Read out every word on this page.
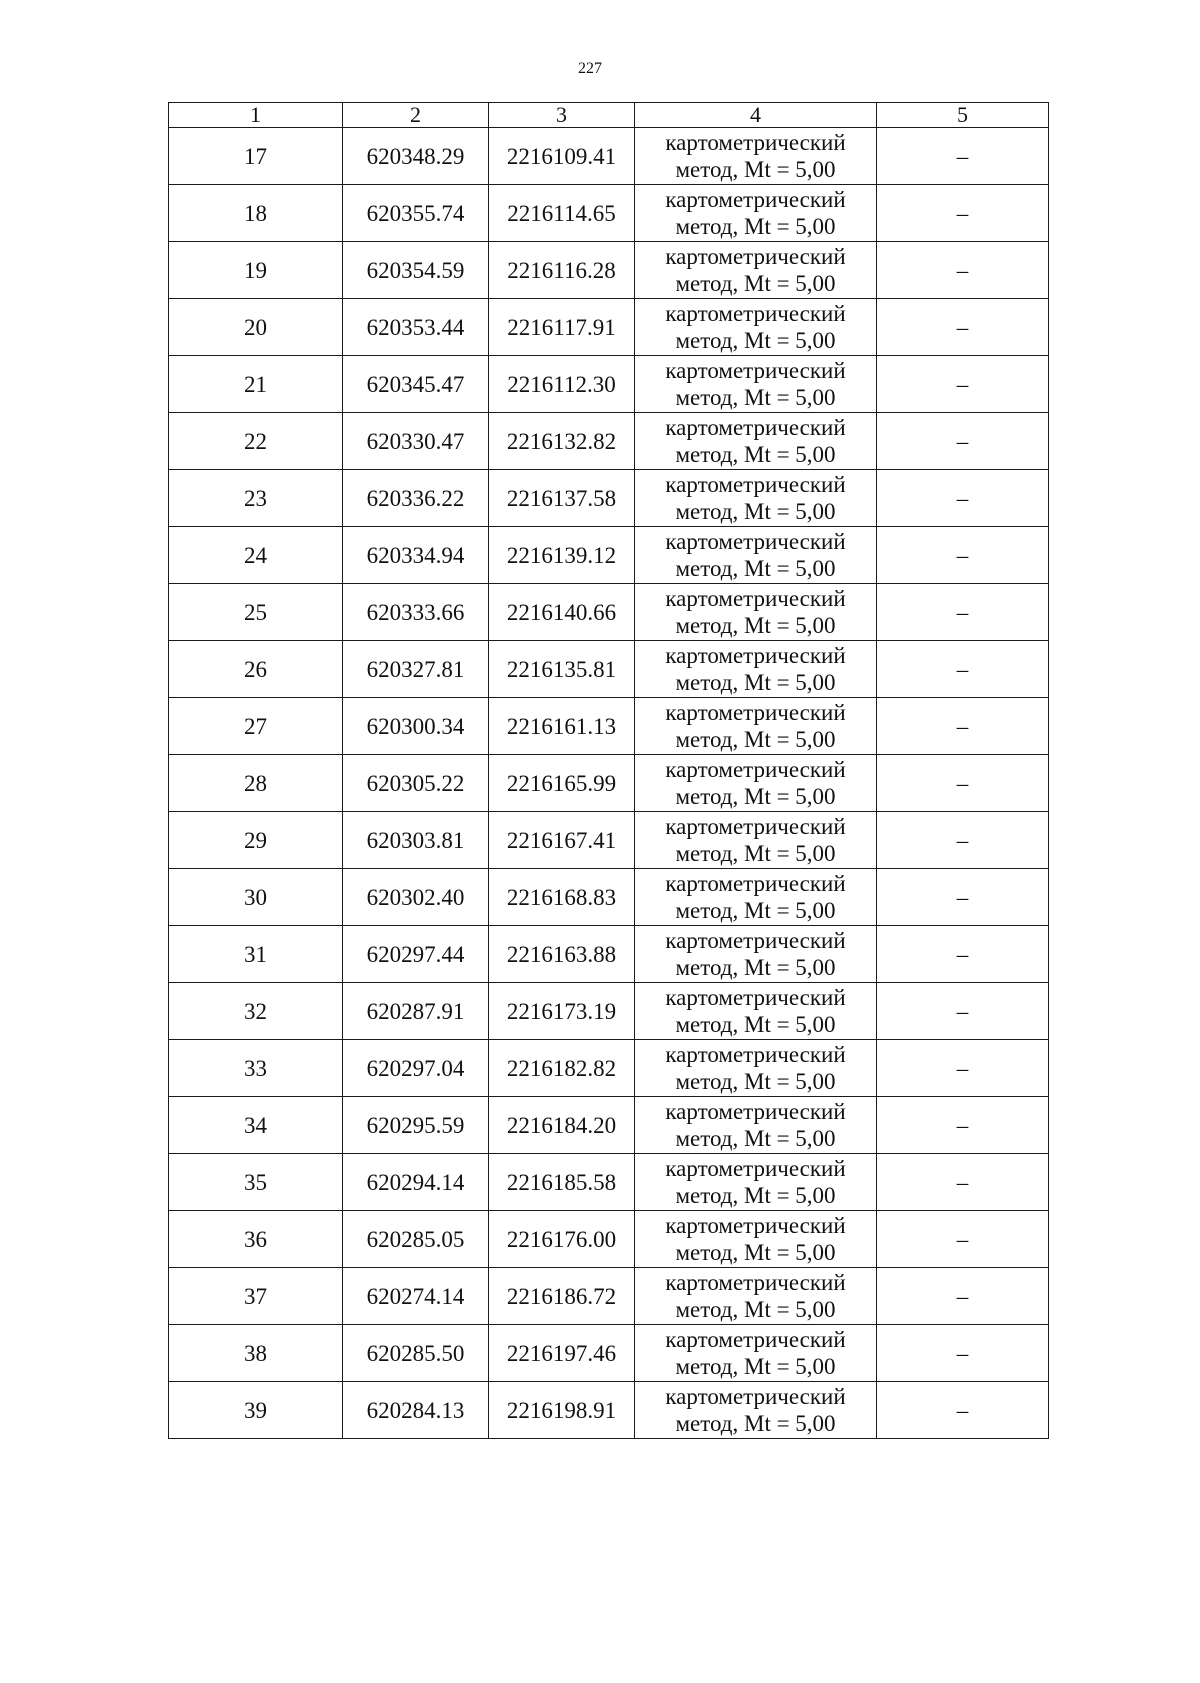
227
1	2	3	4	5
17	620348.29	2216109.41	картометрический
метод, Mt = 5,00	–
18	620355.74	2216114.65	картометрический
метод, Mt = 5,00	–
19	620354.59	2216116.28	картометрический
метод, Mt = 5,00	–
20	620353.44	2216117.91	картометрический
метод, Mt = 5,00	–
21	620345.47	2216112.30	картометрический
метод, Mt = 5,00	–
22	620330.47	2216132.82	картометрический
метод, Mt = 5,00	–
23	620336.22	2216137.58	картометрический
метод, Mt = 5,00	–
24	620334.94	2216139.12	картометрический
метод, Mt = 5,00	–
25	620333.66	2216140.66	картометрический
метод, Mt = 5,00	–
26	620327.81	2216135.81	картометрический
метод, Mt = 5,00	–
27	620300.34	2216161.13	картометрический
метод, Mt = 5,00	–
28	620305.22	2216165.99	картометрический
метод, Mt = 5,00	–
29	620303.81	2216167.41	картометрический
метод, Mt = 5,00	–
30	620302.40	2216168.83	картометрический
метод, Mt = 5,00	–
31	620297.44	2216163.88	картометрический
метод, Mt = 5,00	–
32	620287.91	2216173.19	картометрический
метод, Mt = 5,00	–
33	620297.04	2216182.82	картометрический
метод, Mt = 5,00	–
34	620295.59	2216184.20	картометрический
метод, Mt = 5,00	–
35	620294.14	2216185.58	картометрический
метод, Mt = 5,00	–
36	620285.05	2216176.00	картометрический
метод, Mt = 5,00	–
37	620274.14	2216186.72	картометрический
метод, Mt = 5,00	–
38	620285.50	2216197.46	картометрический
метод, Mt = 5,00	–
39	620284.13	2216198.91	картометрический
метод, Mt = 5,00	–
